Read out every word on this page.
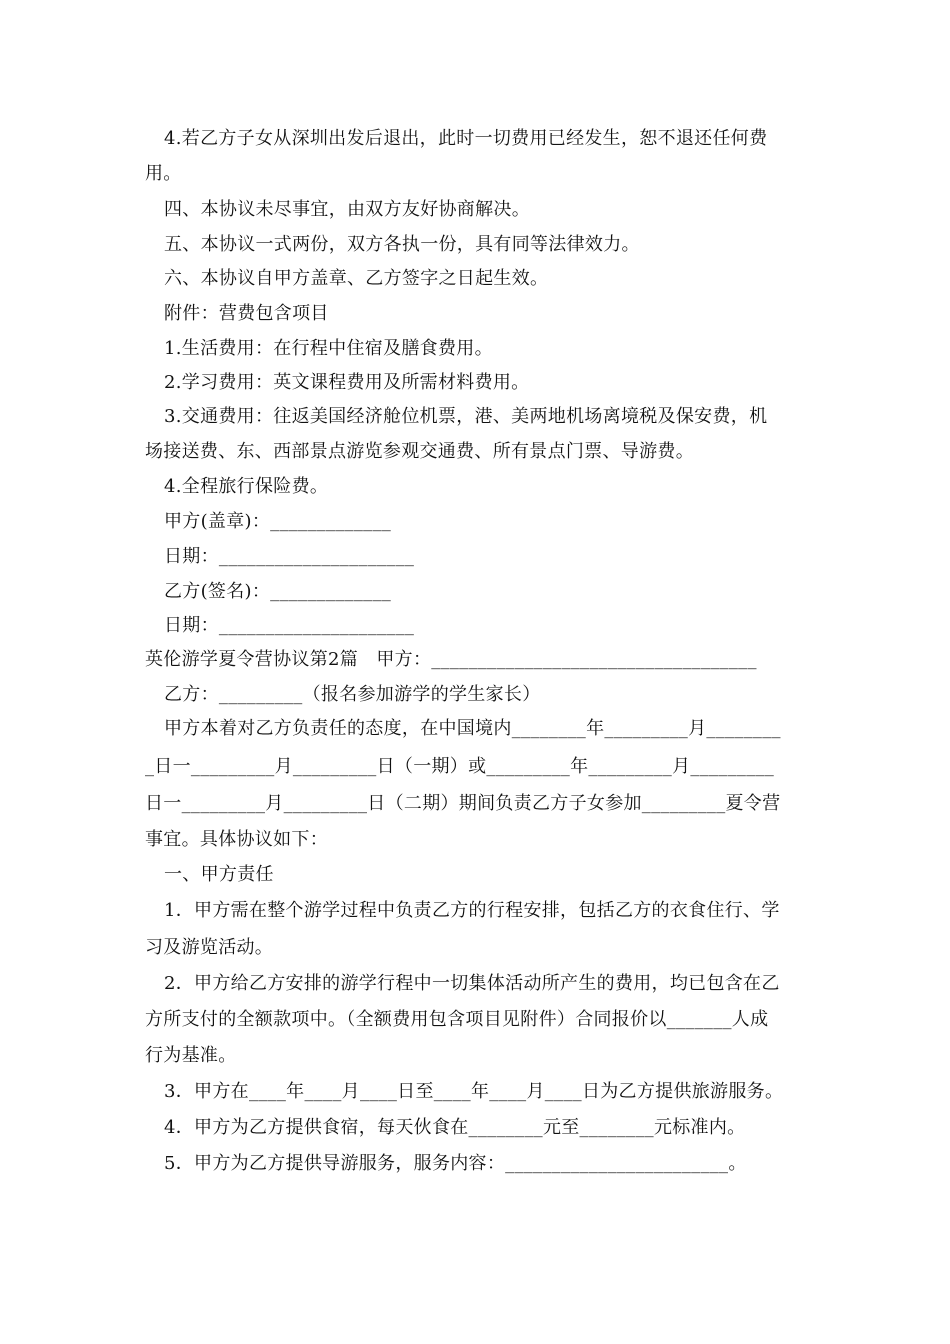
4.若乙方子女从深圳出发后退出，此时一切费用已经发生，恕不退还任何费
用。
四、本协议未尽事宜，由双方友好协商解决。
五、本协议一式两份，双方各执一份，具有同等法律效力。
六、本协议自甲方盖章、乙方签字之日起生效。
附件：营费包含项目
1.生活费用：在行程中住宿及膳食费用。
2.学习费用：英文课程费用及所需材料费用。
3.交通费用：往返美国经济舱位机票，港、美两地机场离境税及保安费，机
场接送费、东、西部景点游览参观交通费、所有景点门票、导游费。
4.全程旅行保险费。
甲方(盖章)：_____________
日期：_____________________
乙方(签名)：_____________
日期：_____________________
英伦游学夏令营协议第2篇　甲方：___________________________________
乙方：_________（报名参加游学的学生家长）
甲方本着对乙方负责任的态度，在中国境内________年_________月________
_日一_________月_________日（一期）或_________年_________月_________
日一_________月_________日（二期）期间负责乙方子女参加_________夏令营
事宜。具体协议如下：
一、甲方责任
1．甲方需在整个游学过程中负责乙方的行程安排，包括乙方的衣食住行、学
习及游览活动。
2．甲方给乙方安排的游学行程中一切集体活动所产生的费用，均已包含在乙
方所支付的全额款项中。（全额费用包含项目见附件）合同报价以_______人成
行为基准。
3．甲方在____年____月____日至____年____月____日为乙方提供旅游服务。
4．甲方为乙方提供食宿，每天伙食在________元至________元标准内。
5．甲方为乙方提供导游服务，服务内容：________________________。
